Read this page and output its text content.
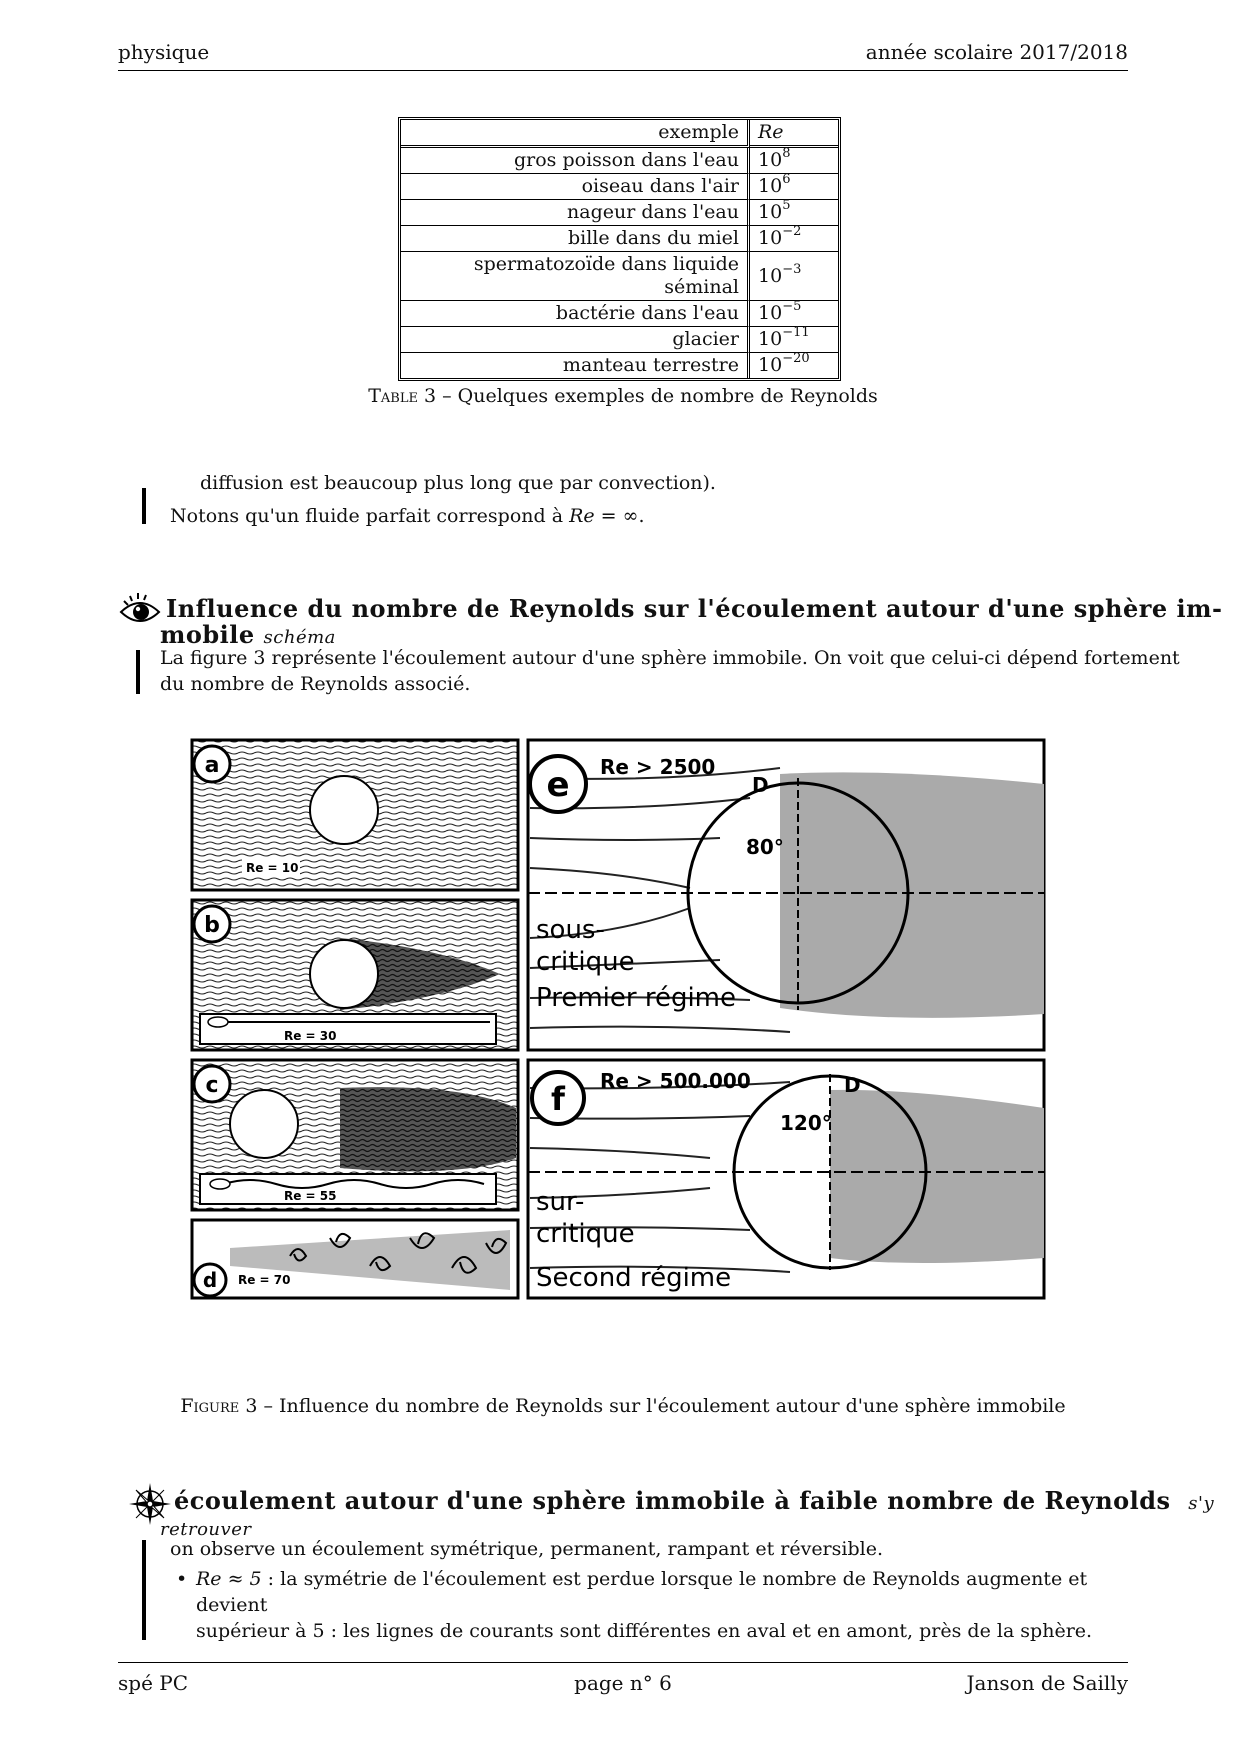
physique	année scolaire 2017/2018
exemple	Re
gros poisson dans l'eau	$10^8$
oiseau dans l'air	$10^6$
nageur dans l'eau	$10^5$
bille dans du miel	$10^{-2}$
spermatozoïde dans liquide séminal	$10^{-3}$
bactérie dans l'eau	$10^{-5}$
glacier	$10^{-11}$
manteau terrestre	$10^{-20}$
Table 3 – Quelques exemples de nombre de Reynolds
diffusion est beaucoup plus long que par convection).
Notons qu'un fluide parfait correspond à Re = ∞.
Influence du nombre de Reynolds sur l'écoulement autour d'une sphère im-
mobile schéma
La figure 3 représente l'écoulement autour d'une sphère immobile. On voit que celui-ci dépend fortement
du nombre de Reynolds associé.
a
Re = 10
b
Re = 30
c
Re = 55
d Re = 70
e Re > 2500
D
80°
sous-
critique
Premier régime
f Re > 500.000	D
120°
sur-
critique
Second régime
Figure 3 – Influence du nombre de Reynolds sur l'écoulement autour d'une sphère immobile
écoulement autour d'une sphère immobile à faible nombre de Reynolds s'y
retrouver
on observe un écoulement symétrique, permanent, rampant et réversible.
• Re ≈ 5 : la symétrie de l'écoulement est perdue lorsque le nombre de Reynolds augmente et devient
supérieur à 5 : les lignes de courants sont différentes en aval et en amont, près de la sphère.
spé PC	page n° 6	Janson de Sailly
